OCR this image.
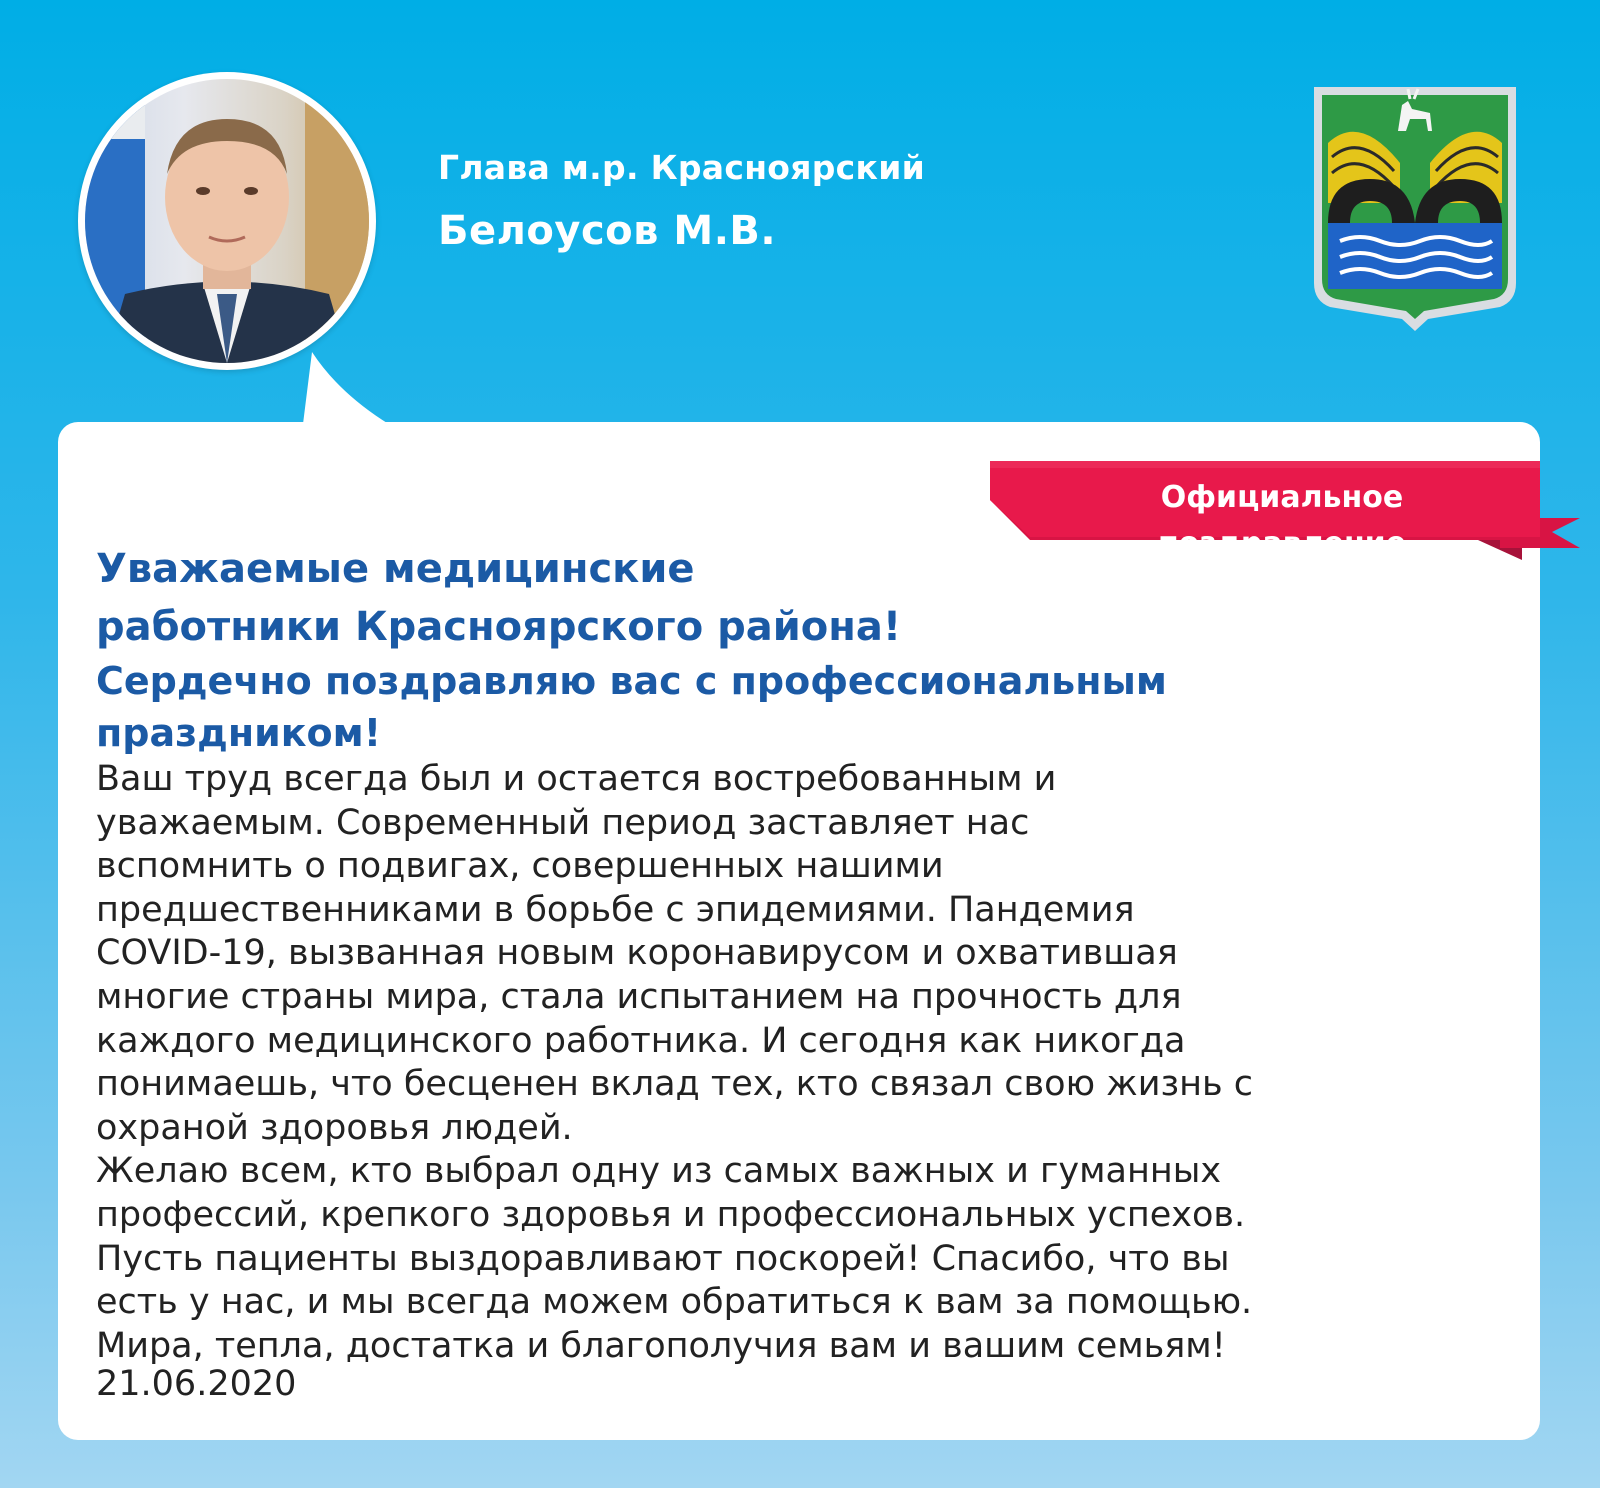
Глава м.р. Красноярский
Белоусов М.В.
Официальное поздравление
Уважаемые медицинские
работники Красноярского района!
Сердечно поздравляю вас с профессиональным
праздником!
Ваш труд всегда был и остается востребованным и
уважаемым. Современный период заставляет нас
вспомнить о подвигах, совершенных нашими
предшественниками в борьбе с эпидемиями. Пандемия
COVID-19, вызванная новым коронавирусом и охватившая
многие страны мира, стала испытанием на прочность для
каждого медицинского работника. И сегодня как никогда
понимаешь, что бесценен вклад тех, кто связал свою жизнь с
охраной здоровья людей.
Желаю всем, кто выбрал одну из самых важных и гуманных
профессий, крепкого здоровья и профессиональных успехов.
Пусть пациенты выздоравливают поскорей! Спасибо, что вы
есть у нас, и мы всегда можем обратиться к вам за помощью.
Мира, тепла, достатка и благополучия вам и вашим семьям!
21.06.2020
